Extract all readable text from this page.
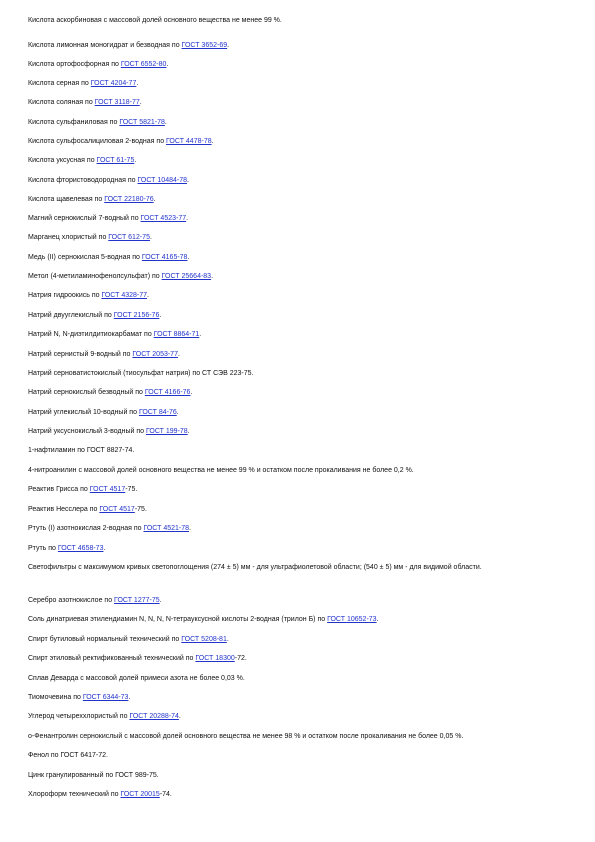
Кислота аскорбиновая с массовой долей основного вещества не менее 99 %.
Кислота лимонная моногидрат и безводная по ГОСТ 3652-69.
Кислота ортофосфорная по ГОСТ 6552-80.
Кислота серная по ГОСТ 4204-77.
Кислота соляная по ГОСТ 3118-77.
Кислота сульфаниловая по ГОСТ 5821-78.
Кислота сульфосалициловая 2-водная по ГОСТ 4478-78.
Кислота уксусная по ГОСТ 61-75.
Кислота фтористоводородная по ГОСТ 10484-78.
Кислота щавелевая по ГОСТ 22180-76.
Магний сернокислый 7-водный по ГОСТ 4523-77.
Марганец хлористый по ГОСТ 612-75.
Медь (II) сернокислая 5-водная по ГОСТ 4165-78.
Метол (4-метиламинофенолсульфат) по ГОСТ 25664-83.
Натрия гидроокись по ГОСТ 4328-77.
Натрий двууглекислый по ГОСТ 2156-76.
Натрий N, N-диэтилдитиокарбамат по ГОСТ 8864-71.
Натрий сернистый 9-водный по ГОСТ 2053-77.
Натрий серноватистокислый (тиосульфат натрия) по СТ СЭВ 223-75.
Натрий сернокислый безводный по ГОСТ 4166-76.
Натрий углекислый 10-водный по ГОСТ 84-76.
Натрий уксуснокислый 3-водный по ГОСТ 199-78.
1-нафтиламин по ГОСТ 8827-74.
4-нитроанилин с массовой долей основного вещества не менее 99 % и остатком после прокаливания не более 0,2 %.
Реактив Грисса по ГОСТ 4517-75.
Реактив Несслера по ГОСТ 4517-75.
Ртуть (I) азотнокислая 2-водная по ГОСТ 4521-78.
Ртуть по ГОСТ 4658-73.
Светофильтры с максимумом кривых светопоглощения (274 ± 5) мм - для ультрафиолетовой области; (540 ± 5) мм - для видимой области.
Серебро азотнокислое по ГОСТ 1277-75.
Соль динатриевая этилендиамин N, N, N, N-тетрауксусной кислоты 2-водная (трилон Б) по ГОСТ 10652-73.
Спирт бутиловый нормальный технический по ГОСТ 5208-81.
Спирт этиловый ректификованный технический по ГОСТ 18300-72.
Сплав Деварда с массовой долей примеси азота не более 0,03 %.
Тиомочевина по ГОСТ 6344-73.
Углерод четыреххлористый по ГОСТ 20288-74.
о-Фенантролин сернокислый с массовой долей основного вещества не менее 98 % и остатком после прокаливания не более 0,05 %.
Фенол по ГОСТ 6417-72.
Цинк гранулированный по ГОСТ 989-75.
Хлороформ технический по ГОСТ 20015-74.
